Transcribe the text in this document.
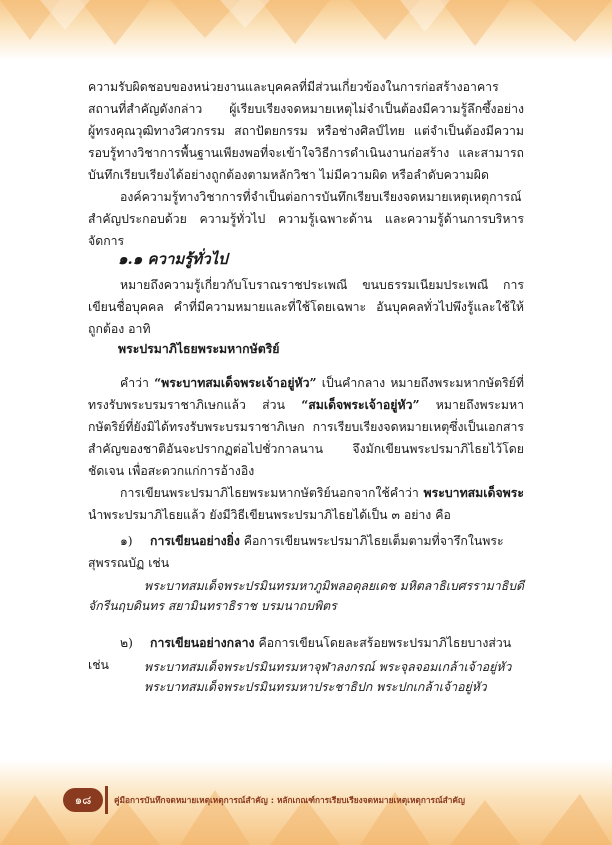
ความรับผิดชอบของหน่วยงานและบุคคลที่มีส่วนเกี่ยวข้องในการก่อสร้างอาคารสถานที่สำคัญดังกล่าว ผู้เรียบเรียงจดหมายเหตุไม่จำเป็นต้องมีความรู้ลึกซึ้งอย่างผู้ทรงคุณวุฒิทางวิศวกรรม สถาปัตยกรรม หรือช่างศิลป์ไทย แต่จำเป็นต้องมีความรอบรู้ทางวิชาการพื้นฐานเพียงพอที่จะเข้าใจวิธีการดำเนินงานก่อสร้าง และสามารถบันทึกเรียบเรียงได้อย่างถูกต้องตามหลักวิชา ไม่มีความผิด หรือลำดับความผิด

องค์ความรู้ทางวิชาการที่จำเป็นต่อการบันทึกเรียบเรียงจดหมายเหตุเหตุการณ์สำคัญประกอบด้วย ความรู้ทั่วไป ความรู้เฉพาะด้าน และความรู้ด้านการบริหารจัดการ

๑.๑ ความรู้ทั่วไป

หมายถึงความรู้เกี่ยวกับโบราณราชประเพณี ขนบธรรมเนียมประเพณี การเขียนชื่อบุคคล คำที่มีความหมายและที่ใช้โดยเฉพาะ อันบุคคลทั่วไปพึงรู้และใช้ให้ถูกต้อง อาทิ

พระปรมาภิไธยพระมหากษัตริย์

คำว่า “พระบาทสมเด็จพระเจ้าอยู่หัว” เป็นคำกลาง หมายถึงพระมหากษัตริย์ที่ทรงรับพระบรมราชาภิเษกแล้ว ส่วน “สมเด็จพระเจ้าอยู่หัว” หมายถึงพระมหากษัตริย์ที่ยังมิได้ทรงรับพระบรมราชาภิเษก การเรียบเรียงจดหมายเหตุซึ่งเป็นเอกสารสำคัญของชาติอันจะปรากฏต่อไปชั่วกาลนาน จึงมักเขียนพระปรมาภิไธยไว้โดยชัดเจน เพื่อสะดวกแก่การอ้างอิง

การเขียนพระปรมาภิไธยพระมหากษัตริย์นอกจากใช้คำว่า พระบาทสมเด็จพระ นำพระปรมาภิไธยแล้ว ยังมีวิธีเขียนพระปรมาภิไธยได้เป็น ๓ อย่าง คือ

๑) การเขียนอย่างยิ่ง คือการเขียนพระปรมาภิไธยเต็มตามที่จารึกในพระสุพรรณบัฏ เช่น
พระบาทสมเด็จพระปรมินทรมหาภูมิพลอดุลยเดช มหิตลาธิเบศรรามาธิบดี
จักรีนฤบดินทร สยามินทราธิราช บรมนาถบพิตร
๒) การเขียนอย่างกลาง คือการเขียนโดยละสร้อยพระปรมาภิไธยบางส่วน เช่น	พระบาทสมเด็จพระปรมินทรมหาจุฬาลงกรณ์ พระจุลจอมเกล้าเจ้าอยู่หัว
พระบาทสมเด็จพระปรมินทรมหาประชาธิปก พระปกเกล้าเจ้าอยู่หัว
๑๘	คู่มือการบันทึกจดหมายเหตุเหตุการณ์สำคัญ : หลักเกณฑ์การเรียบเรียงจดหมายเหตุเหตุการณ์สำคัญ
